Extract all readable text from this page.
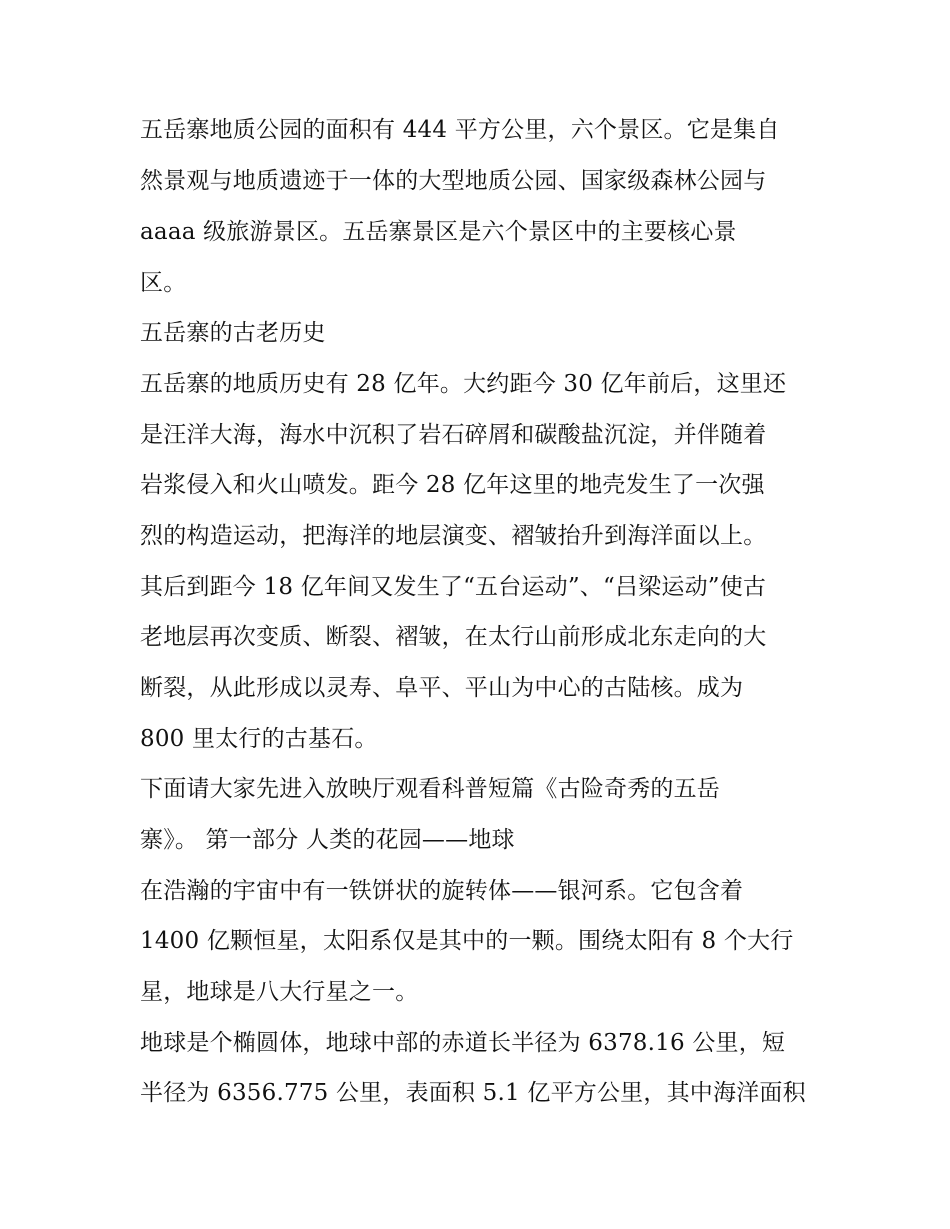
五岳寨地质公园的面积有 444 平方公里，六个景区。它是集自
然景观与地质遗迹于一体的大型地质公园、国家级森林公园与
aaaa 级旅游景区。五岳寨景区是六个景区中的主要核心景
区。
五岳寨的古老历史
五岳寨的地质历史有 28 亿年。大约距今 30 亿年前后，这里还
是汪洋大海，海水中沉积了岩石碎屑和碳酸盐沉淀，并伴随着
岩浆侵入和火山喷发。距今 28 亿年这里的地壳发生了一次强
烈的构造运动，把海洋的地层演变、褶皱抬升到海洋面以上。
其后到距今 18 亿年间又发生了“五台运动”、“吕梁运动”使古
老地层再次变质、断裂、褶皱，在太行山前形成北东走向的大
断裂，从此形成以灵寿、阜平、平山为中心的古陆核。成为
800 里太行的古基石。
下面请大家先进入放映厅观看科普短篇《古险奇秀的五岳
寨》。 第一部分 人类的花园——地球
在浩瀚的宇宙中有一铁饼状的旋转体——银河系。它包含着
1400 亿颗恒星，太阳系仅是其中的一颗。围绕太阳有 8 个大行
星，地球是八大行星之一。
地球是个椭圆体，地球中部的赤道长半径为 6378.16 公里，短
半径为 6356.775 公里，表面积 5.1 亿平方公里，其中海洋面积
